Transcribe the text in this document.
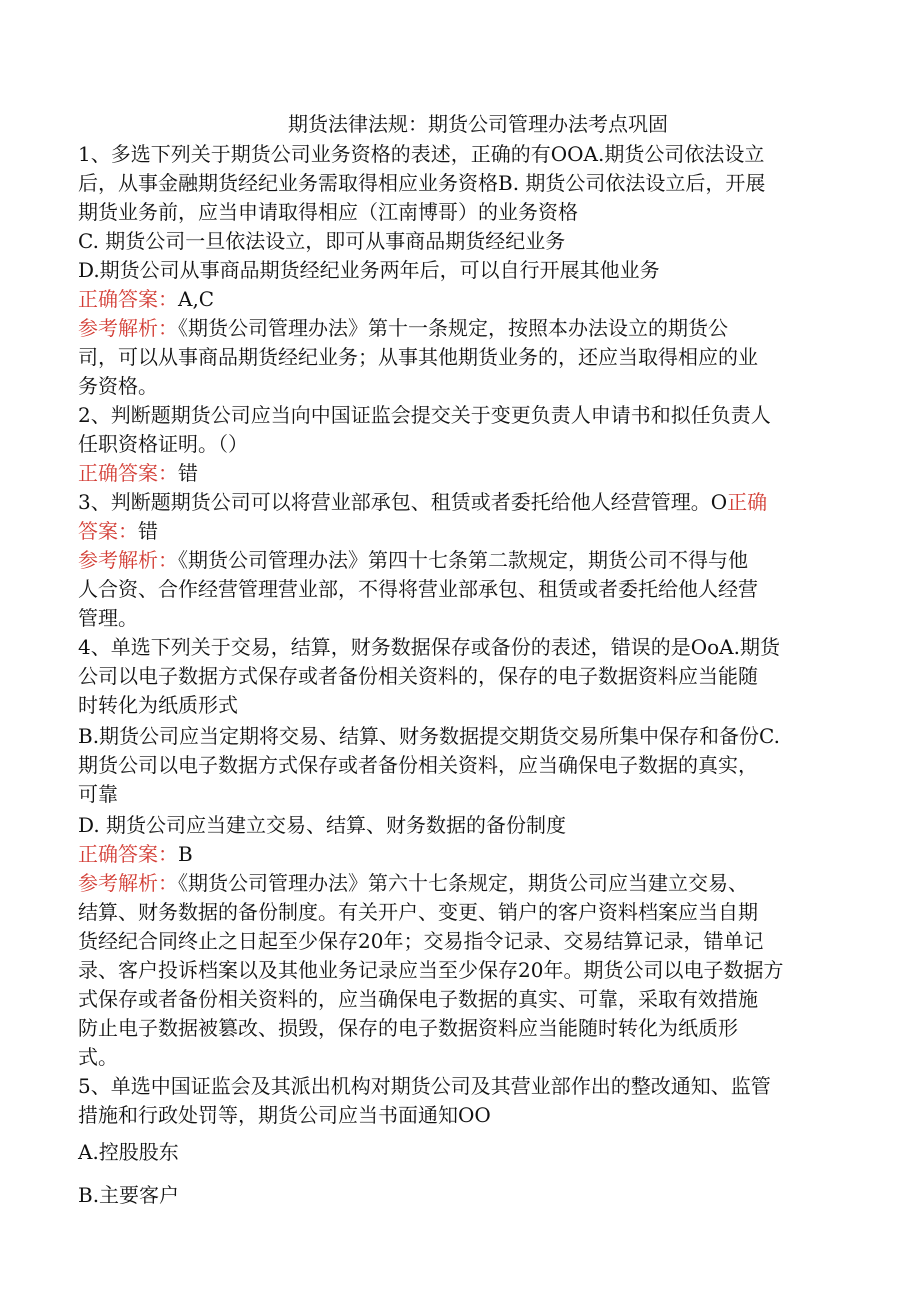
期货法律法规：期货公司管理办法考点巩固

1、多选下列关于期货公司业务资格的表述，正确的有OOA.期货公司依法设立

后，从事金融期货经纪业务需取得相应业务资格B. 期货公司依法设立后，开展

期货业务前，应当申请取得相应（江南博哥）的业务资格

C. 期货公司一旦依法设立，即可从事商品期货经纪业务

D.期货公司从事商品期货经纪业务两年后，可以自行开展其他业务

正确答案：A,C

参考解析：《期货公司管理办法》第十一条规定，按照本办法设立的期货公

司，可以从事商品期货经纪业务；从事其他期货业务的，还应当取得相应的业

务资格。

2、判断题期货公司应当向中国证监会提交关于变更负责人申请书和拟任负责人

任职资格证明。（）

正确答案：错

3、判断题期货公司可以将营业部承包、租赁或者委托给他人经营管理。O正确

答案：错

参考解析：《期货公司管理办法》第四十七条第二款规定，期货公司不得与他

人合资、合作经营管理营业部，不得将营业部承包、租赁或者委托给他人经营

管理。

4、单选下列关于交易，结算，财务数据保存或备份的表述，错误的是OoA.期货

公司以电子数据方式保存或者备份相关资料的，保存的电子数据资料应当能随

时转化为纸质形式

B.期货公司应当定期将交易、结算、财务数据提交期货交易所集中保存和备份C.

期货公司以电子数据方式保存或者备份相关资料，应当确保电子数据的真实，

可靠

D. 期货公司应当建立交易、结算、财务数据的备份制度

正确答案：B

参考解析：《期货公司管理办法》第六十七条规定，期货公司应当建立交易、

结算、财务数据的备份制度。有关开户、变更、销户的客户资料档案应当自期

货经纪合同终止之日起至少保存20年；交易指令记录、交易结算记录，错单记

录、客户投诉档案以及其他业务记录应当至少保存20年。期货公司以电子数据方

式保存或者备份相关资料的，应当确保电子数据的真实、可靠，采取有效措施

防止电子数据被篡改、损毁，保存的电子数据资料应当能随时转化为纸质形

式。

5、单选中国证监会及其派出机构对期货公司及其营业部作出的整改通知、监管

措施和行政处罚等，期货公司应当书面通知OO

A.控股股东

B.主要客户
